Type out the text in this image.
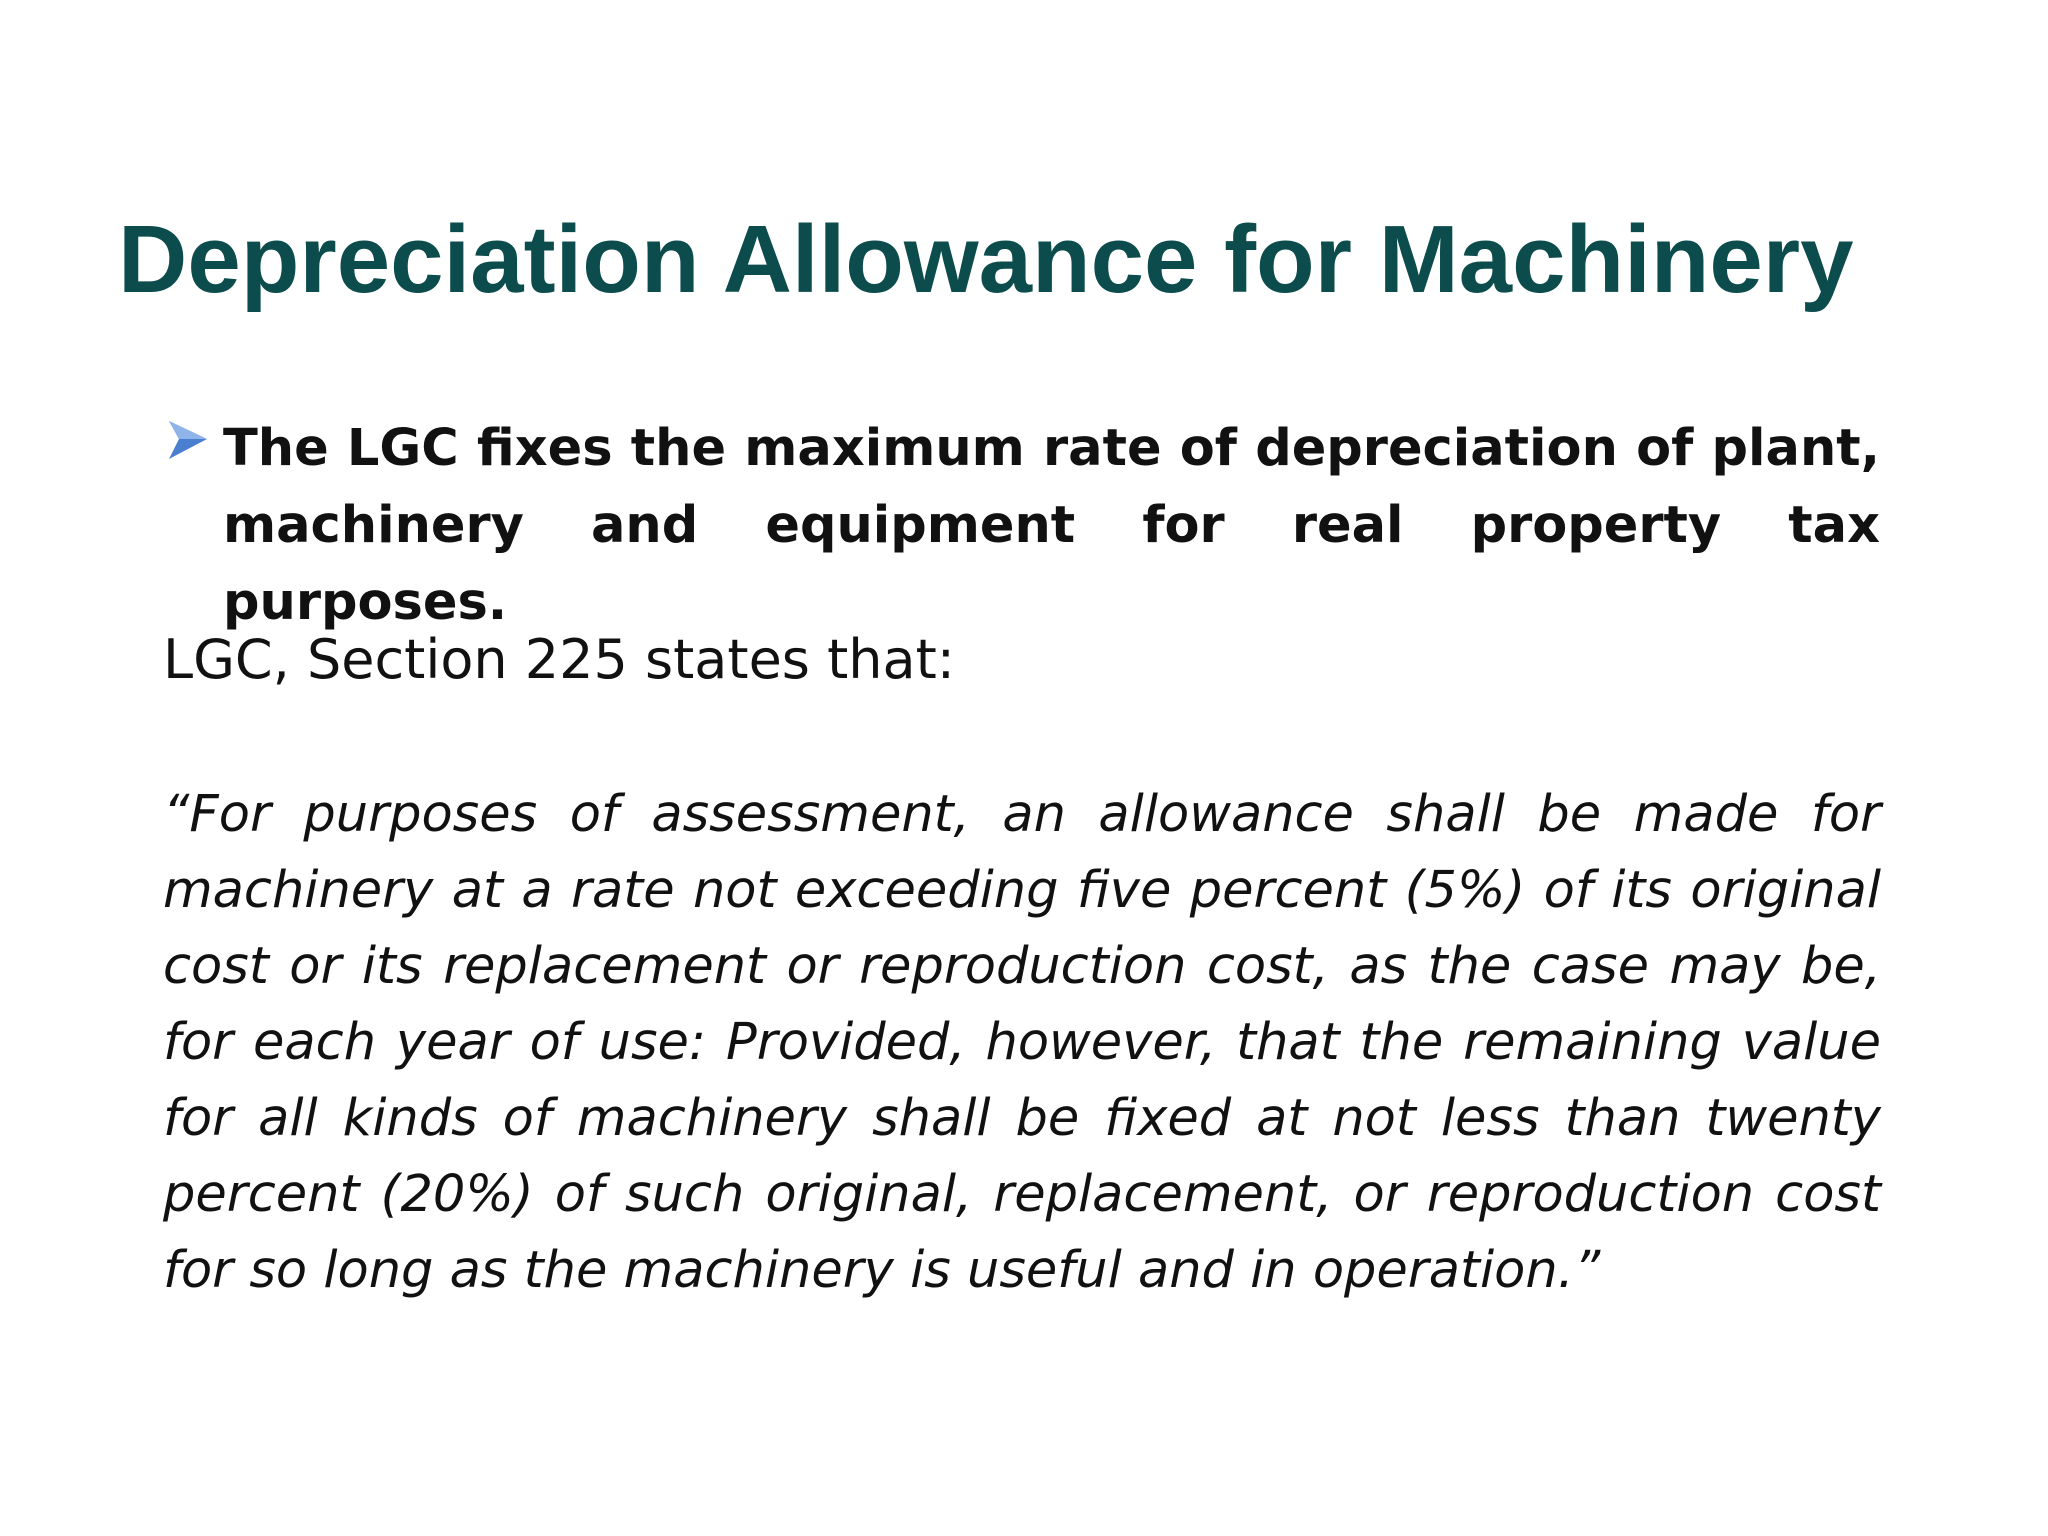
Depreciation Allowance for Machinery

The LGC fixes the maximum rate of depreciation of plant, machinery and equipment for real property tax purposes.

LGC, Section 225 states that:

“For purposes of assessment, an allowance shall be made for machinery at a rate not exceeding five percent (5%) of its original cost or its replacement or reproduction cost, as the case may be, for each year of use: Provided, however, that the remaining value for all kinds of machinery shall be fixed at not less than twenty percent (20%) of such original, replacement, or reproduction cost for so long as the machinery is useful and in operation.”
